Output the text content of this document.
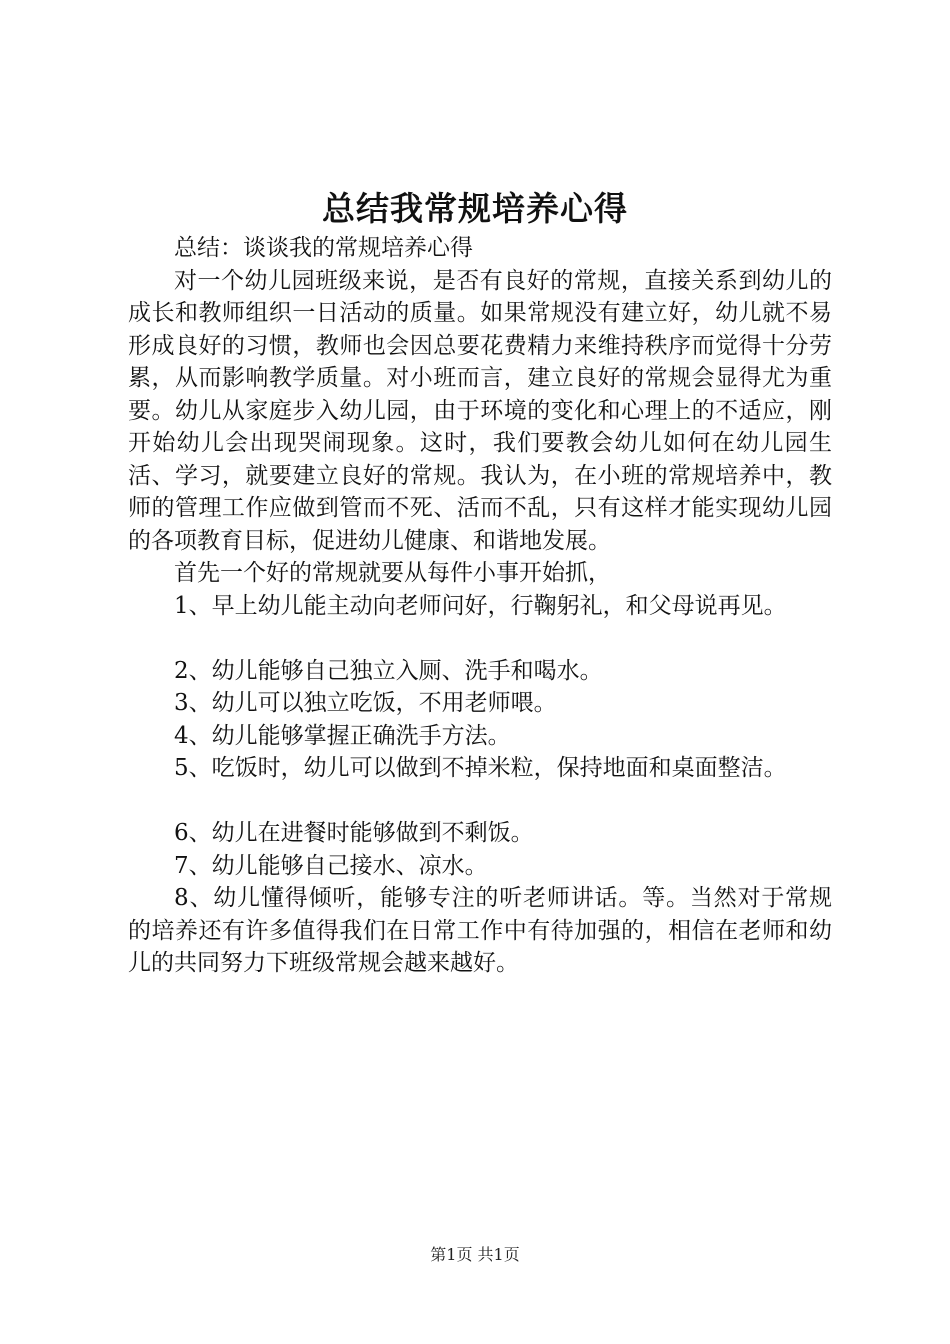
总结我常规培养心得

总结：谈谈我的常规培养心得

对一个幼儿园班级来说，是否有良好的常规，直接关系到幼儿的成长和教师组织一日活动的质量。如果常规没有建立好，幼儿就不易形成良好的习惯，教师也会因总要花费精力来维持秩序而觉得十分劳累，从而影响教学质量。对小班而言，建立良好的常规会显得尤为重要。幼儿从家庭步入幼儿园，由于环境的变化和心理上的不适应，刚开始幼儿会出现哭闹现象。这时，我们要教会幼儿如何在幼儿园生活、学习，就要建立良好的常规。我认为，在小班的常规培养中，教师的管理工作应做到管而不死、活而不乱，只有这样才能实现幼儿园的各项教育目标，促进幼儿健康、和谐地发展。

首先一个好的常规就要从每件小事开始抓，

1、早上幼儿能主动向老师问好，行鞠躬礼，和父母说再见。

2、幼儿能够自己独立入厕、洗手和喝水。

3、幼儿可以独立吃饭，不用老师喂。

4、幼儿能够掌握正确洗手方法。

5、吃饭时，幼儿可以做到不掉米粒，保持地面和桌面整洁。

6、幼儿在进餐时能够做到不剩饭。

7、幼儿能够自己接水、凉水。

8、幼儿懂得倾听，能够专注的听老师讲话。等。当然对于常规的培养还有许多值得我们在日常工作中有待加强的，相信在老师和幼儿的共同努力下班级常规会越来越好。

第1页 共1页
